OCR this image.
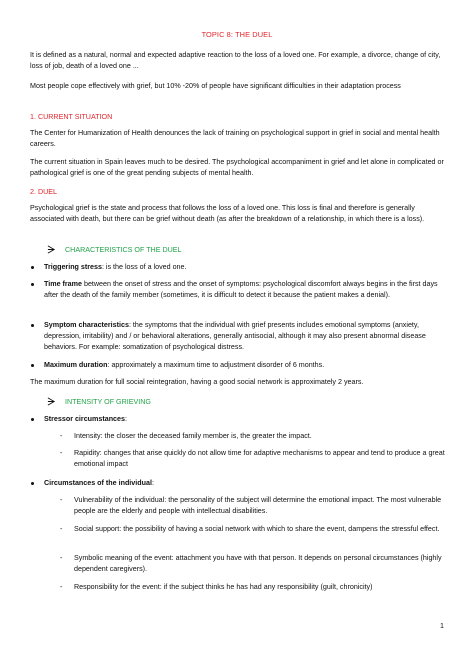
TOPIC 8: THE DUEL

It is defined as a natural, normal and expected adaptive reaction to the loss of a loved one. For example, a divorce, change of city, loss of job, death of a loved one ...

Most people cope effectively with grief, but 10% -20% of people have significant difficulties in their adaptation process

1. CURRENT SITUATION

The Center for Humanization of Health denounces the lack of training on psychological support in grief in social and mental health careers.

The current situation in Spain leaves much to be desired. The psychological accompaniment in grief and let alone in complicated or pathological grief is one of the great pending subjects of mental health.

2. DUEL

Psychological grief is the state and process that follows the loss of a loved one. This loss is final and therefore is generally associated with death, but there can be grief without death (as after the breakdown of a relationship, in which there is a loss).

CHARACTERISTICS OF THE DUEL
Triggering stress: is the loss of a loved one.
Time frame between the onset of stress and the onset of symptoms: psychological discomfort always begins in the first days after the death of the family member (sometimes, it is difficult to detect it because the patient makes a denial).
Symptom characteristics: the symptoms that the individual with grief presents includes emotional symptoms (anxiety, depression, irritability) and / or behavioral alterations, generally antisocial, although it may also present abnormal disease behaviors. For example: somatization of psychological distress.
Maximum duration: approximately a maximum time to adjustment disorder of 6 months.

The maximum duration for full social reintegration, having a good social network is approximately 2 years.

INTENSITY OF GRIEVING
Stressor circumstances:
- Intensity: the closer the deceased family member is, the greater the impact.
- Rapidity: changes that arise quickly do not allow time for adaptive mechanisms to appear and tend to produce a great emotional impact
Circumstances of the individual:
- Vulnerability of the individual: the personality of the subject will determine the emotional impact. The most vulnerable people are the elderly and people with intellectual disabilities.
- Social support: the possibility of having a social network with which to share the event, dampens the stressful effect.
- Symbolic meaning of the event: attachment you have with that person. It depends on personal circumstances (highly dependent caregivers).
- Responsibility for the event: if the subject thinks he has had any responsibility (guilt, chronicity)
1
